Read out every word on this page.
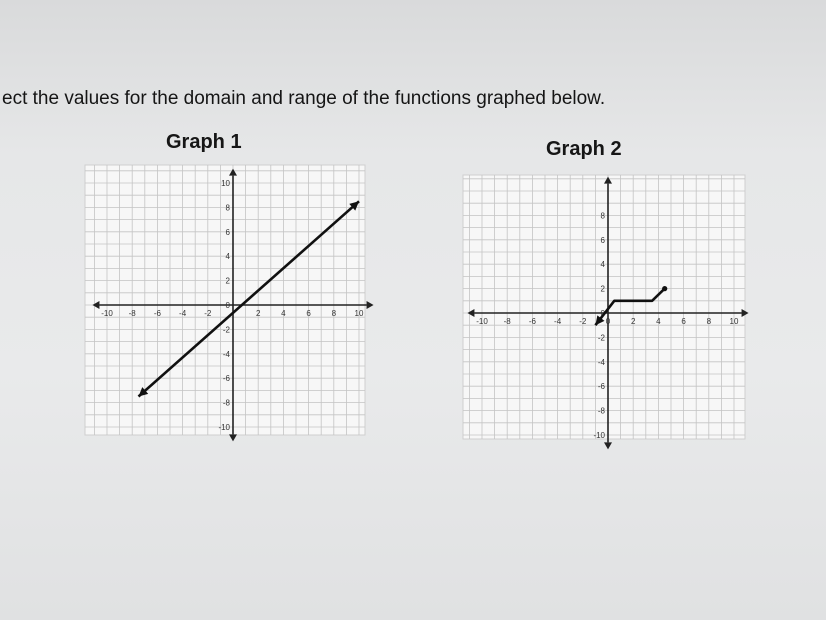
ect the values for the domain and range of the functions graphed below.
Graph 1	Graph 2
-10 -8 -6 -4 -2	2	4	6	8 10
10
8
6
4
2
0
-2
-4
-6
-8
-10
-10 -8 -6 -4 -2 0	2	4	6	8 10
8
6
4
2
0
-2
-4
-6
-8
-10
